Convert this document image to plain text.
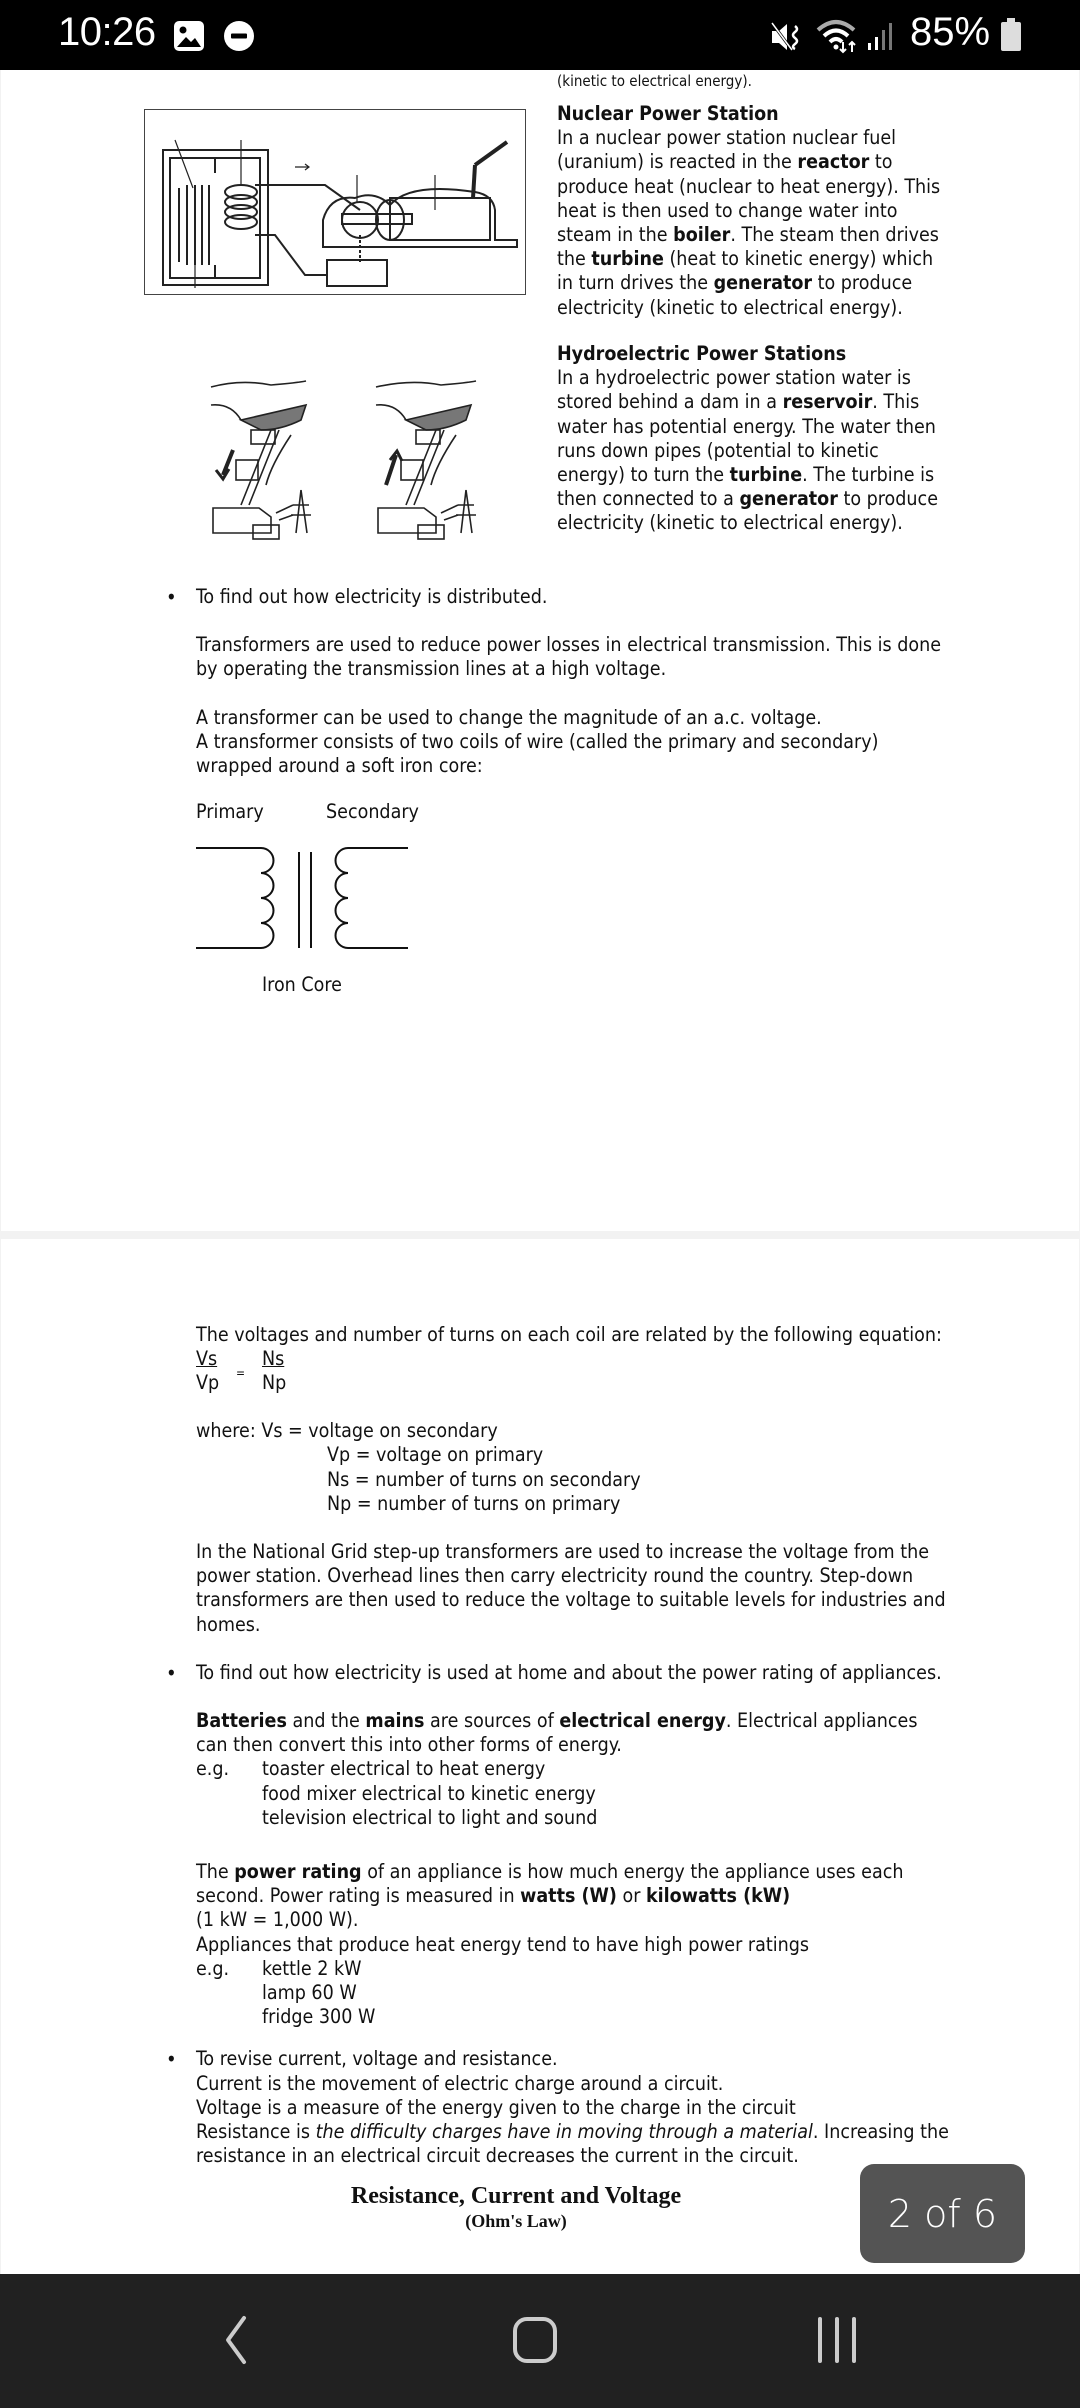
10:26	85%
(kinetic to electrical energy).
Nuclear Power Station
In a nuclear power station nuclear fuel
(uranium) is reacted in the reactor to
produce heat (nuclear to heat energy). This
heat is then used to change water into
steam in the boiler. The steam then drives
the turbine (heat to kinetic energy) which
in turn drives the generator to produce
electricity (kinetic to electrical energy).
Hydroelectric Power Stations
In a hydroelectric power station water is
stored behind a dam in a reservoir. This
water has potential energy. The water then
runs down pipes (potential to kinetic
energy) to turn the turbine. The turbine is
then connected to a generator to produce
electricity (kinetic to electrical energy).
• To find out how electricity is distributed.
Transformers are used to reduce power losses in electrical transmission. This is done
by operating the transmission lines at a high voltage.
A transformer can be used to change the magnitude of an a.c. voltage.
A transformer consists of two coils of wire (called the primary and secondary)
wrapped around a soft iron core:
Primary	Secondary
Iron Core
The voltages and number of turns on each coil are related by the following equation:
Vs
Vp =
Ns
Np
where: Vs = voltage on secondary
Vp = voltage on primary
Ns = number of turns on secondary
Np = number of turns on primary
In the National Grid step-up transformers are used to increase the voltage from the
power station. Overhead lines then carry electricity round the country. Step-down
transformers are then used to reduce the voltage to suitable levels for industries and
homes.
• To find out how electricity is used at home and about the power rating of appliances.
Batteries and the mains are sources of electrical energy. Electrical appliances
can then convert this into other forms of energy.
e.g. toaster electrical to heat energy
food mixer electrical to kinetic energy
television electrical to light and sound
The power rating of an appliance is how much energy the appliance uses each
second. Power rating is measured in watts (W) or kilowatts (kW)
(1 kW = 1,000 W).
Appliances that produce heat energy tend to have high power ratings
e.g. kettle 2 kW
lamp 60 W
fridge 300 W
• To revise current, voltage and resistance.
Current is the movement of electric charge around a circuit.
Voltage is a measure of the energy given to the charge in the circuit
Resistance is the difficulty charges have in moving through a material. Increasing the
resistance in an electrical circuit decreases the current in the circuit.
Resistance, Current and Voltage
(Ohm's Law)	2 of 6
